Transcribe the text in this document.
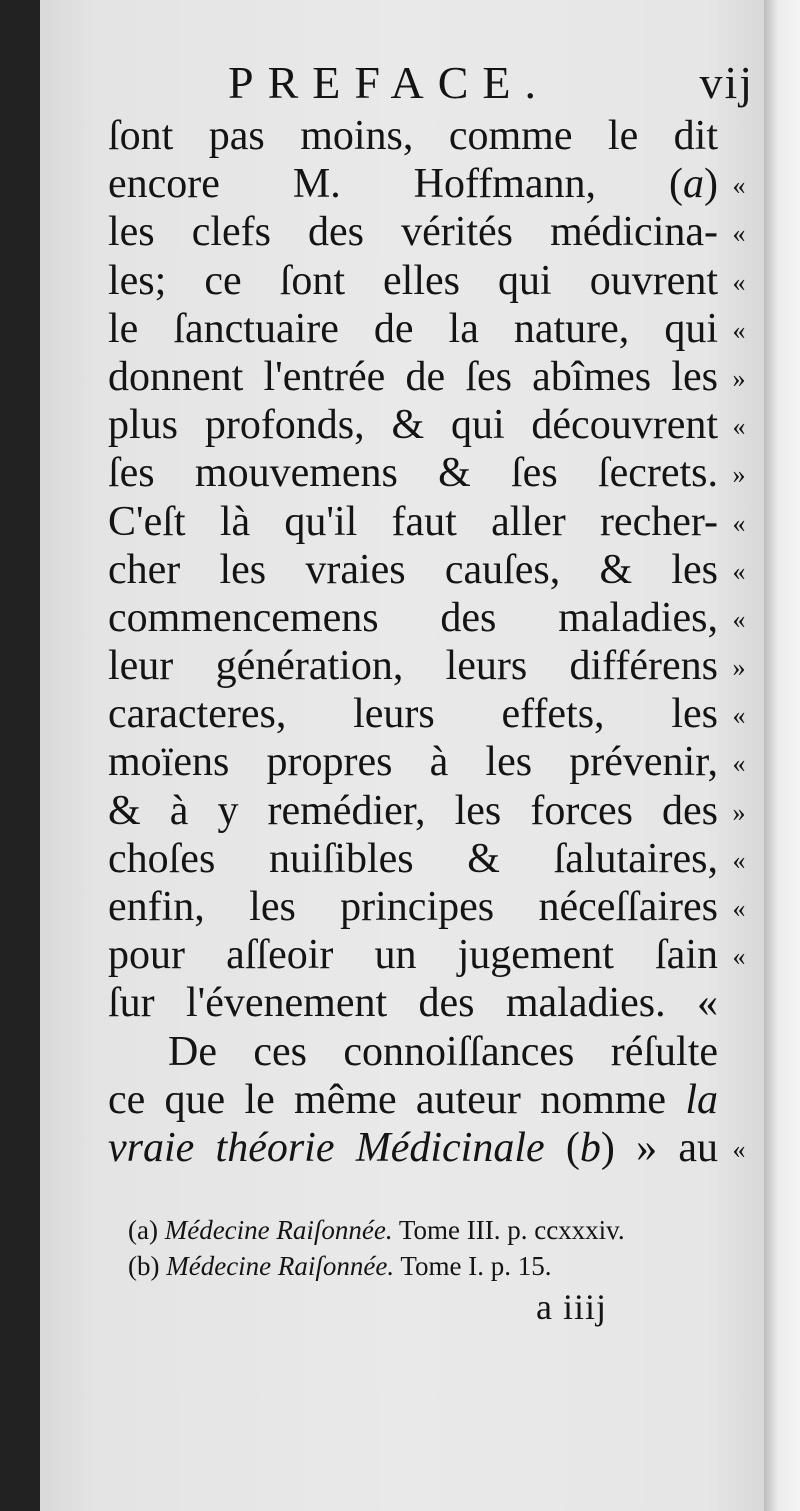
PREFACE.	vij
ſont pas moins, comme le dit
encore M. Hoffmann, (a) «
les clefs des vérités médicina- «
les; ce ſont elles qui ouvrent «
le ſanctuaire de la nature, qui «
donnent l'entrée de ſes abîmes les »
plus profonds, & qui découvrent «
ſes mouvemens & ſes ſecrets. »
C'eſt là qu'il faut aller recher- «
cher les vraies cauſes, & les «
commencemens des maladies, «
leur génération, leurs différens »
caracteres, leurs effets, les «
moïens propres à les prévenir, «
& à y remédier, les forces des »
choſes nuiſibles & ſalutaires, «
enfin, les principes néceſſaires «
pour aſſeoir un jugement ſain «
ſur l'évenement des maladies. «
De ces connoiſſances réſulte
ce que le même auteur nomme la
vraie théorie Médicinale (b) » au «
(a) Médecine Raiſonnée. Tome III. p. ccxxxiv.
(b) Médecine Raiſonnée. Tome I. p. 15.
a iiij
